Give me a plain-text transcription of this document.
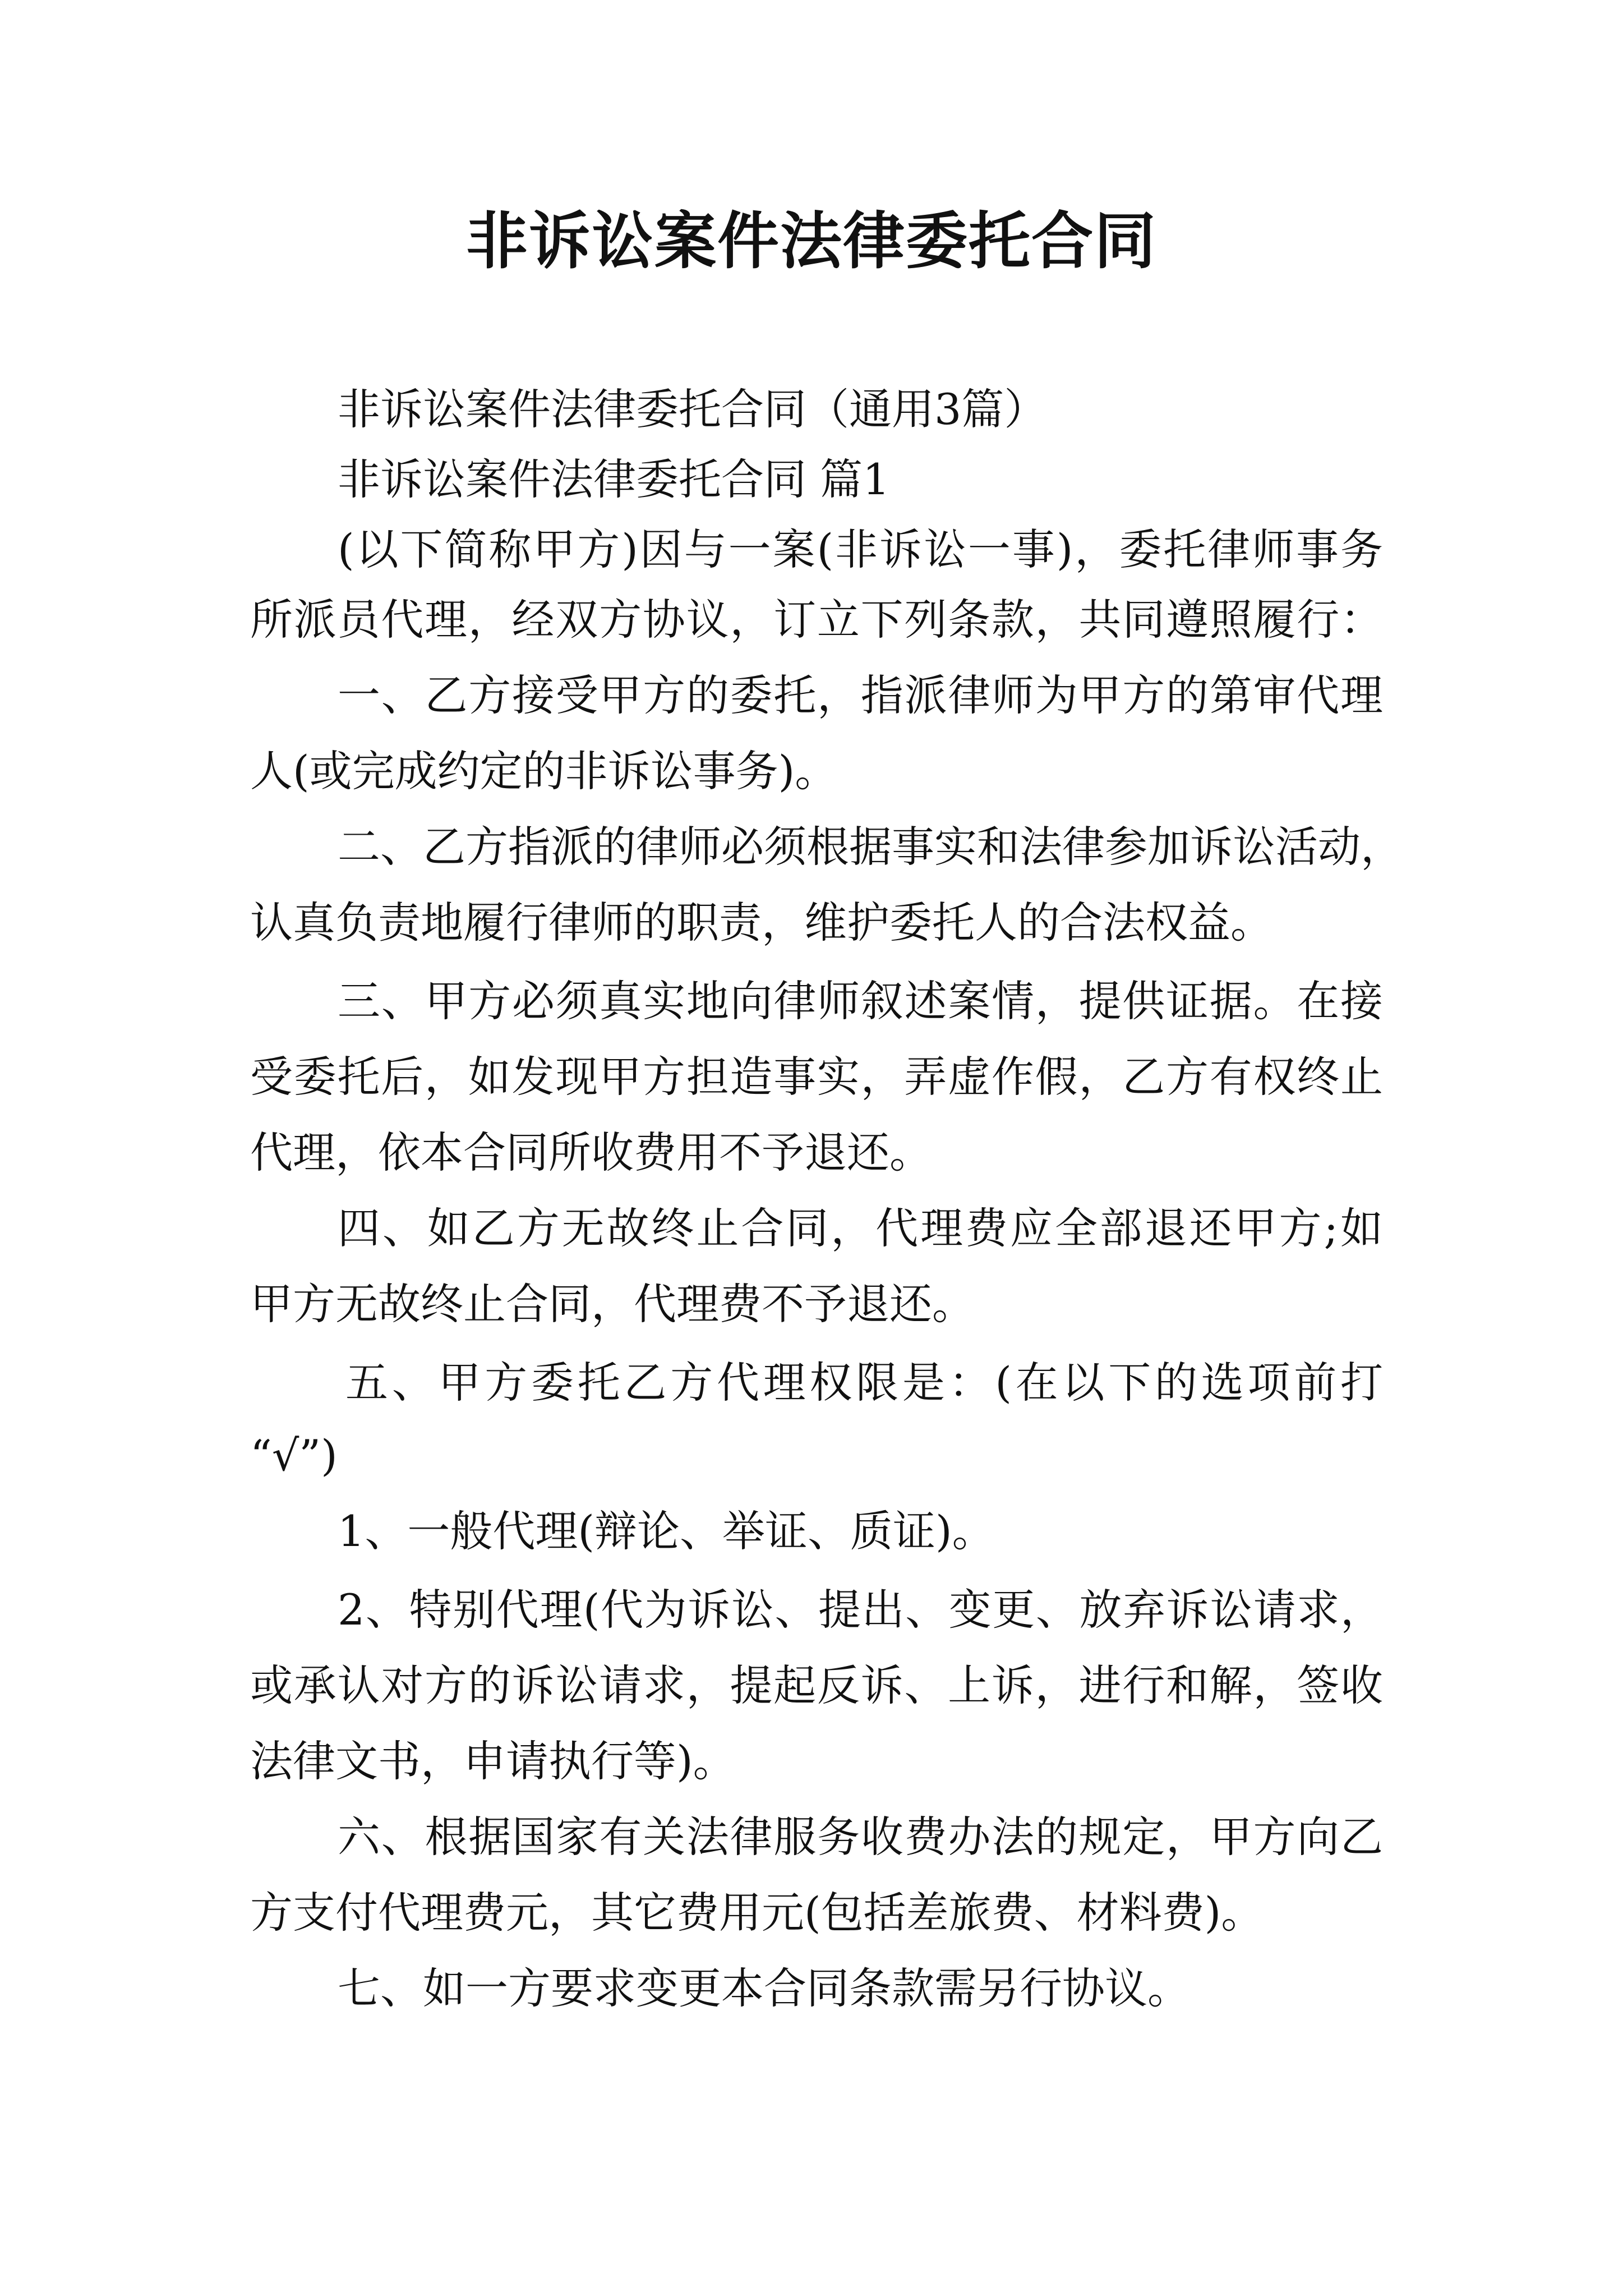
非诉讼案件法律委托合同
非诉讼案件法律委托合同（通用3篇）
非诉讼案件法律委托合同 篇1
(以下简称甲方)因与一案(非诉讼一事)，委托律师事务
所派员代理，经双方协议，订立下列条款，共同遵照履行：
一、乙方接受甲方的委托，指派律师为甲方的第审代理
人(或完成约定的非诉讼事务)。
二、乙方指派的律师必须根据事实和法律参加诉讼活动，
认真负责地履行律师的职责，维护委托人的合法权益。
三、甲方必须真实地向律师叙述案情，提供证据。在接
受委托后，如发现甲方担造事实，弄虚作假，乙方有权终止
代理，依本合同所收费用不予退还。
四、如乙方无故终止合同，代理费应全部退还甲方;如
甲方无故终止合同，代理费不予退还。
五、甲方委托乙方代理权限是：(在以下的选项前打
“√”)
1、一般代理(辩论、举证、质证)。
2、特别代理(代为诉讼、提出、变更、放弃诉讼请求，
或承认对方的诉讼请求，提起反诉、上诉，进行和解，签收
法律文书，申请执行等)。
六、根据国家有关法律服务收费办法的规定，甲方向乙
方支付代理费元，其它费用元(包括差旅费、材料费)。
七、如一方要求变更本合同条款需另行协议。
